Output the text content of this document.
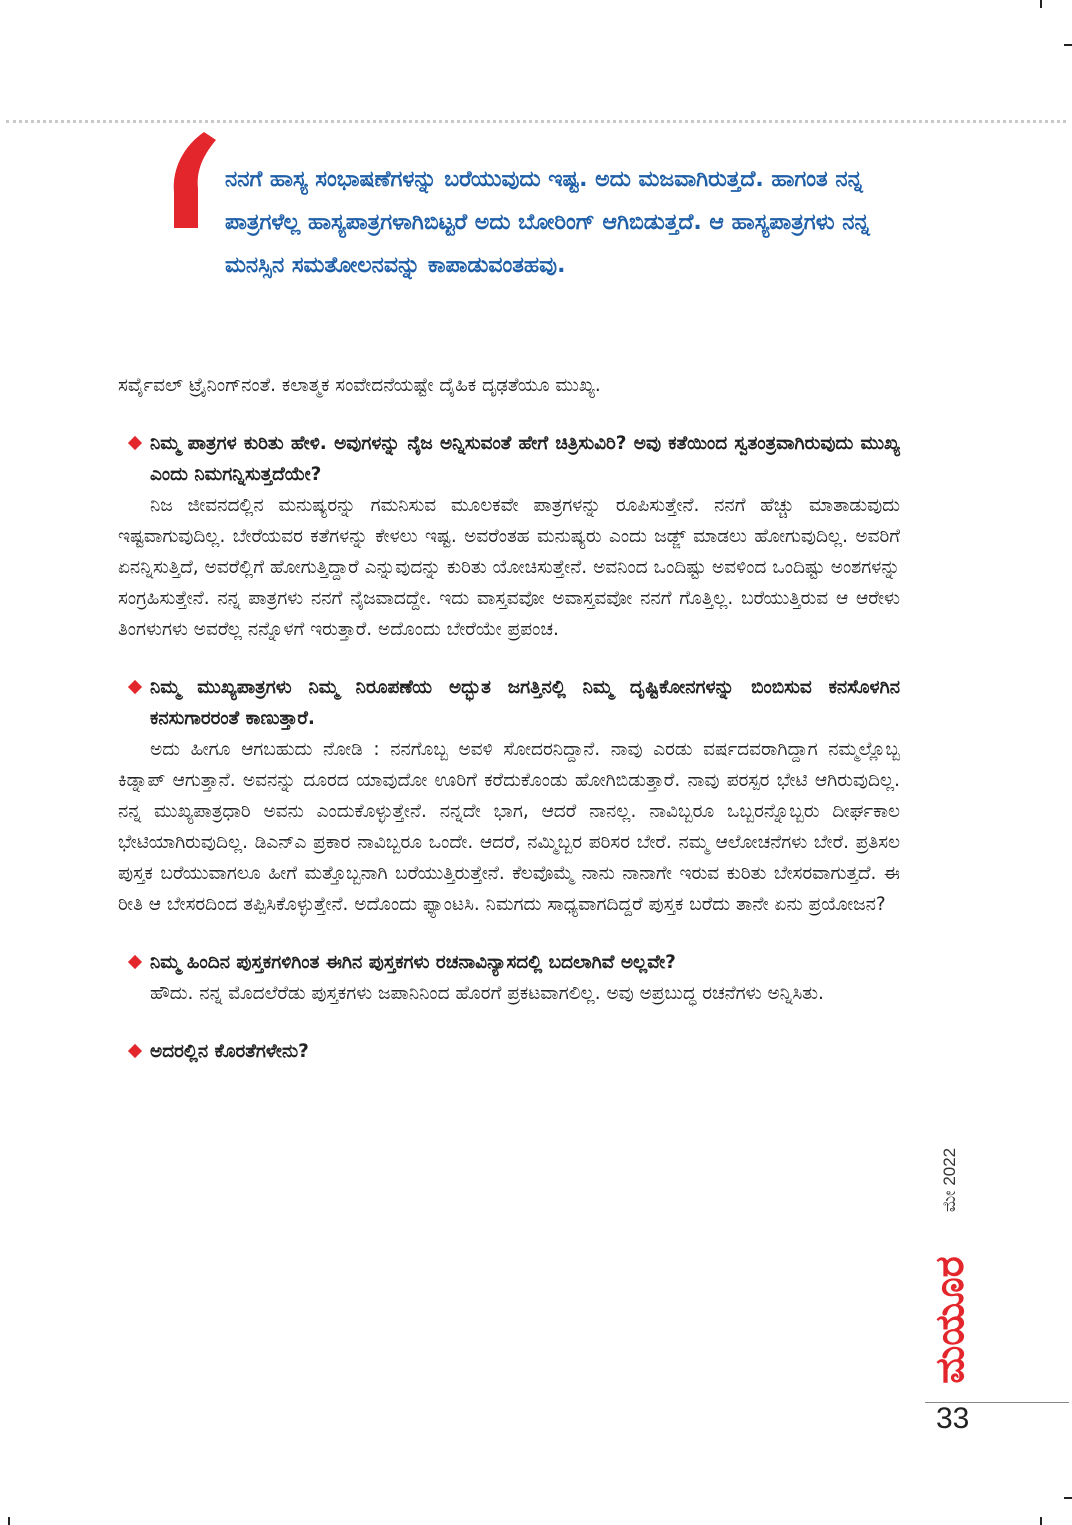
ನನಗೆ ಹಾಸ್ಯ ಸಂಭಾಷಣೆಗಳನ್ನು ಬರೆಯುವುದು ಇಷ್ಟ. ಅದು ಮಜವಾಗಿರುತ್ತದೆ. ಹಾಗಂತ ನನ್ನ ಪಾತ್ರಗಳೆಲ್ಲ ಹಾಸ್ಯಪಾತ್ರಗಳಾಗಿಬಿಟ್ಟರೆ ಅದು ಬೋರಿಂಗ್ ಆಗಿಬಿಡುತ್ತದೆ. ಆ ಹಾಸ್ಯಪಾತ್ರಗಳು ನನ್ನ ಮನಸ್ಸಿನ ಸಮತೋಲನವನ್ನು ಕಾಪಾಡುವಂತಹವು.

ಸರ್ವೈವಲ್ ಟ್ರೈನಿಂಗ್‌ನಂತೆ. ಕಲಾತ್ಮಕ ಸಂವೇದನೆಯಷ್ಟೇ ದೈಹಿಕ ದೃಢತೆಯೂ ಮುಖ್ಯ.

ನಿಮ್ಮ ಪಾತ್ರಗಳ ಕುರಿತು ಹೇಳಿ. ಅವುಗಳನ್ನು ನೈಜ ಅನ್ನಿಸುವಂತೆ ಹೇಗೆ ಚಿತ್ರಿಸುವಿರಿ? ಅವು ಕತೆಯಿಂದ ಸ್ವತಂತ್ರವಾಗಿರುವುದು ಮುಖ್ಯ ಎಂದು ನಿಮಗನ್ನಿಸುತ್ತದೆಯೇ?

ನಿಜ ಜೀವನದಲ್ಲಿನ ಮನುಷ್ಯರನ್ನು ಗಮನಿಸುವ ಮೂಲಕವೇ ಪಾತ್ರಗಳನ್ನು ರೂಪಿಸುತ್ತೇನೆ. ನನಗೆ ಹೆಚ್ಚು ಮಾತಾಡುವುದು ಇಷ್ಟವಾಗುವುದಿಲ್ಲ. ಬೇರೆಯವರ ಕತೆಗಳನ್ನು ಕೇಳಲು ಇಷ್ಟ. ಅವರೆಂತಹ ಮನುಷ್ಯರು ಎಂದು ಜಡ್ಜ್ ಮಾಡಲು ಹೋಗುವುದಿಲ್ಲ. ಅವರಿಗೆ ಏನನ್ನಿಸುತ್ತಿದೆ, ಅವರೆಲ್ಲಿಗೆ ಹೋಗುತ್ತಿದ್ದಾರೆ ಎನ್ನುವುದನ್ನು ಕುರಿತು ಯೋಚಿಸುತ್ತೇನೆ. ಅವನಿಂದ ಒಂದಿಷ್ಟು ಅವಳಿಂದ ಒಂದಿಷ್ಟು ಅಂಶಗಳನ್ನು ಸಂಗ್ರಹಿಸುತ್ತೇನೆ. ನನ್ನ ಪಾತ್ರಗಳು ನನಗೆ ನೈಜವಾದದ್ದೇ. ಇದು ವಾಸ್ತವವೋ ಅವಾಸ್ತವವೋ ನನಗೆ ಗೊತ್ತಿಲ್ಲ. ಬರೆಯುತ್ತಿರುವ ಆ ಆರೇಳು ತಿಂಗಳುಗಳು ಅವರೆಲ್ಲ ನನ್ನೊಳಗೆ ಇರುತ್ತಾರೆ. ಅದೊಂದು ಬೇರೆಯೇ ಪ್ರಪಂಚ.

ನಿಮ್ಮ ಮುಖ್ಯಪಾತ್ರಗಳು ನಿಮ್ಮ ನಿರೂಪಣೆಯ ಅದ್ಭುತ ಜಗತ್ತಿನಲ್ಲಿ ನಿಮ್ಮ ದೃಷ್ಟಿಕೋನಗಳನ್ನು ಬಿಂಬಿಸುವ ಕನಸೊಳಗಿನ ಕನಸುಗಾರರಂತೆ ಕಾಣುತ್ತಾರೆ.

ಅದು ಹೀಗೂ ಆಗಬಹುದು ನೋಡಿ : ನನಗೊಬ್ಬ ಅವಳಿ ಸೋದರನಿದ್ದಾನೆ. ನಾವು ಎರಡು ವರ್ಷದವರಾಗಿದ್ದಾಗ ನಮ್ಮಲ್ಲೊಬ್ಬ ಕಿಡ್ನಾಪ್ ಆಗುತ್ತಾನೆ. ಅವನನ್ನು ದೂರದ ಯಾವುದೋ ಊರಿಗೆ ಕರೆದುಕೊಂಡು ಹೋಗಿಬಿಡುತ್ತಾರೆ. ನಾವು ಪರಸ್ಪರ ಭೇಟಿ ಆಗಿರುವುದಿಲ್ಲ. ನನ್ನ ಮುಖ್ಯಪಾತ್ರಧಾರಿ ಅವನು ಎಂದುಕೊಳ್ಳುತ್ತೇನೆ. ನನ್ನದೇ ಭಾಗ, ಆದರೆ ನಾನಲ್ಲ. ನಾವಿಬ್ಬರೂ ಒಬ್ಬರನ್ನೊಬ್ಬರು ದೀರ್ಘಕಾಲ ಭೇಟಿಯಾಗಿರುವುದಿಲ್ಲ. ಡಿಎನ್‌ಎ ಪ್ರಕಾರ ನಾವಿಬ್ಬರೂ ಒಂದೇ. ಆದರೆ, ನಮ್ಮಿಬ್ಬರ ಪರಿಸರ ಬೇರೆ. ನಮ್ಮ ಆಲೋಚನೆಗಳು ಬೇರೆ. ಪ್ರತಿಸಲ ಪುಸ್ತಕ ಬರೆಯುವಾಗಲೂ ಹೀಗೆ ಮತ್ತೊಬ್ಬನಾಗಿ ಬರೆಯುತ್ತಿರುತ್ತೇನೆ. ಕೆಲವೊಮ್ಮೆ ನಾನು ನಾನಾಗೇ ಇರುವ ಕುರಿತು ಬೇಸರವಾಗುತ್ತದೆ. ಈ ರೀತಿ ಆ ಬೇಸರದಿಂದ ತಪ್ಪಿಸಿಕೊಳ್ಳುತ್ತೇನೆ. ಅದೊಂದು ಫ್ಯಾಂಟಸಿ. ನಿಮಗದು ಸಾಧ್ಯವಾಗದಿದ್ದರೆ ಪುಸ್ತಕ ಬರೆದು ತಾನೇ ಏನು ಪ್ರಯೋಜನ?

ನಿಮ್ಮ ಹಿಂದಿನ ಪುಸ್ತಕಗಳಿಗಿಂತ ಈಗಿನ ಪುಸ್ತಕಗಳು ರಚನಾವಿನ್ಯಾಸದಲ್ಲಿ ಬದಲಾಗಿವೆ ಅಲ್ಲವೇ?

ಹೌದು. ನನ್ನ ಮೊದಲೆರೆಡು ಪುಸ್ತಕಗಳು ಜಪಾನಿನಿಂದ ಹೊರಗೆ ಪ್ರಕಟವಾಗಲಿಲ್ಲ. ಅವು ಅಪ್ರಬುದ್ಧ ರಚನೆಗಳು ಅನ್ನಿಸಿತು.

ಅದರಲ್ಲಿನ ಕೊರತೆಗಳೇನು?

ಮೇ 2022
ಮಯೂರ
33
